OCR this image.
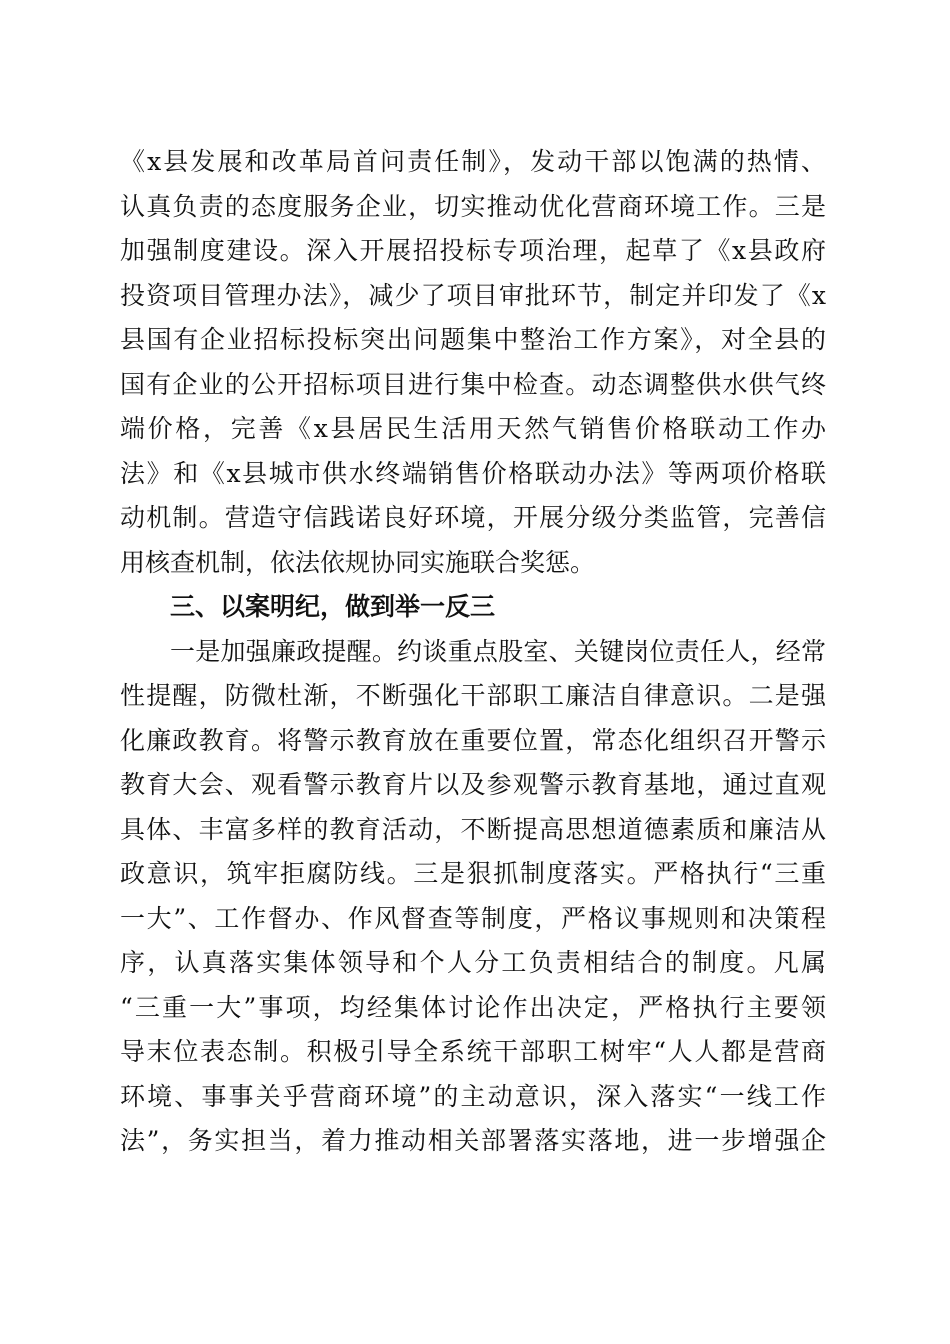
《x县发展和改革局首问责任制》，发动干部以饱满的热情、
认真负责的态度服务企业，切实推动优化营商环境工作。三是
加强制度建设。深入开展招投标专项治理，起草了《x县政府
投资项目管理办法》，减少了项目审批环节，制定并印发了《x
县国有企业招标投标突出问题集中整治工作方案》，对全县的
国有企业的公开招标项目进行集中检查。动态调整供水供气终
端价格，完善《x县居民生活用天然气销售价格联动工作办
法》和《x县城市供水终端销售价格联动办法》等两项价格联
动机制。营造守信践诺良好环境，开展分级分类监管，完善信
用核查机制，依法依规协同实施联合奖惩。
三、以案明纪，做到举一反三
一是加强廉政提醒。约谈重点股室、关键岗位责任人，经常
性提醒，防微杜渐，不断强化干部职工廉洁自律意识。二是强
化廉政教育。将警示教育放在重要位置，常态化组织召开警示
教育大会、观看警示教育片以及参观警示教育基地，通过直观
具体、丰富多样的教育活动，不断提高思想道德素质和廉洁从
政意识，筑牢拒腐防线。三是狠抓制度落实。严格执行“三重
一大”、工作督办、作风督查等制度，严格议事规则和决策程
序，认真落实集体领导和个人分工负责相结合的制度。凡属
“三重一大”事项，均经集体讨论作出决定，严格执行主要领
导末位表态制。积极引导全系统干部职工树牢“人人都是营商
环境、事事关乎营商环境”的主动意识，深入落实“一线工作
法”，务实担当，着力推动相关部署落实落地，进一步增强企
